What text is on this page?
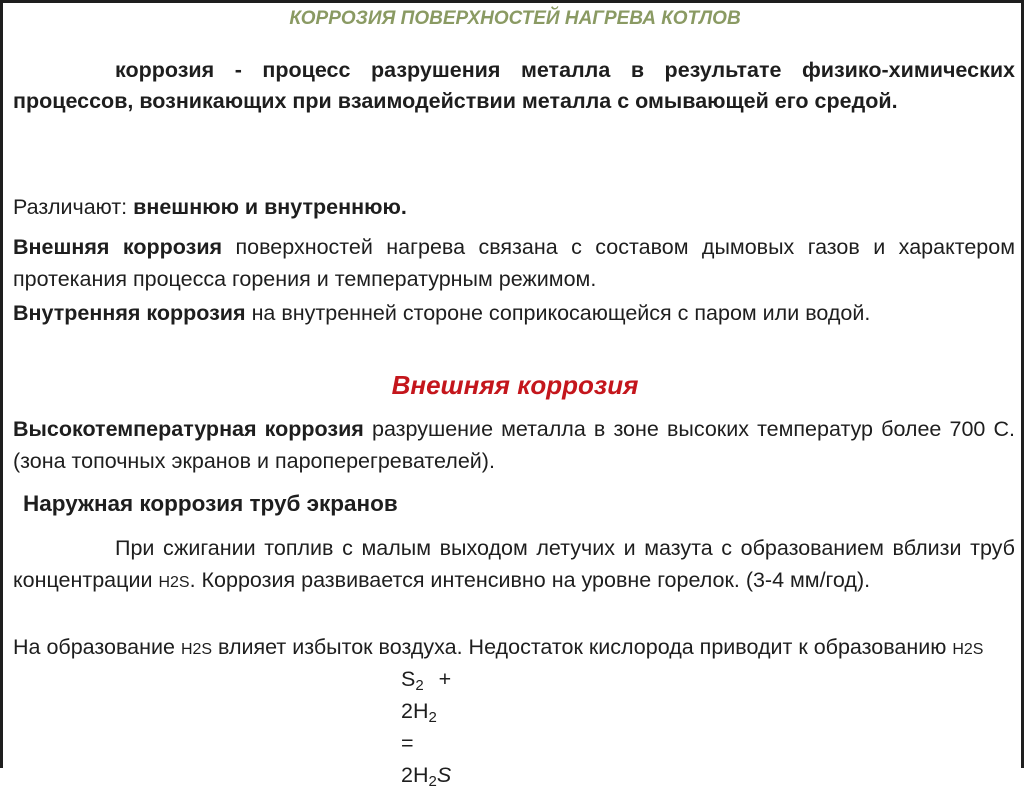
КОРРОЗИЯ ПОВЕРХНОСТЕЙ НАГРЕВА КОТЛОВ
коррозия - процесс разрушения металла в результате физико-химических процессов, возникающих при взаимодействии металла с омывающей его средой.
Различают: внешнюю и внутреннюю.
Внешняя коррозия поверхностей нагрева связана с составом дымовых газов и характером протекания процесса горения и температурным режимом.
Внутренняя коррозия на внутренней стороне соприкосающейся с паром или водой.
Внешняя коррозия
Высокотемпературная коррозия разрушение металла в зоне высоких температур более 700 С. (зона топочных экранов и пароперегревателей).
Наружная коррозия труб экранов
При сжигании топлив с малым выходом летучих и мазута с образованием вблизи труб концентрации H2S. Коррозия развивается интенсивно на уровне горелок. (3-4 мм/год).
На образование H2S влияет избыток воздуха. Недостаток кислорода приводит к образованию H2S
$S_2 + 2H_2 = 2H_2S$
